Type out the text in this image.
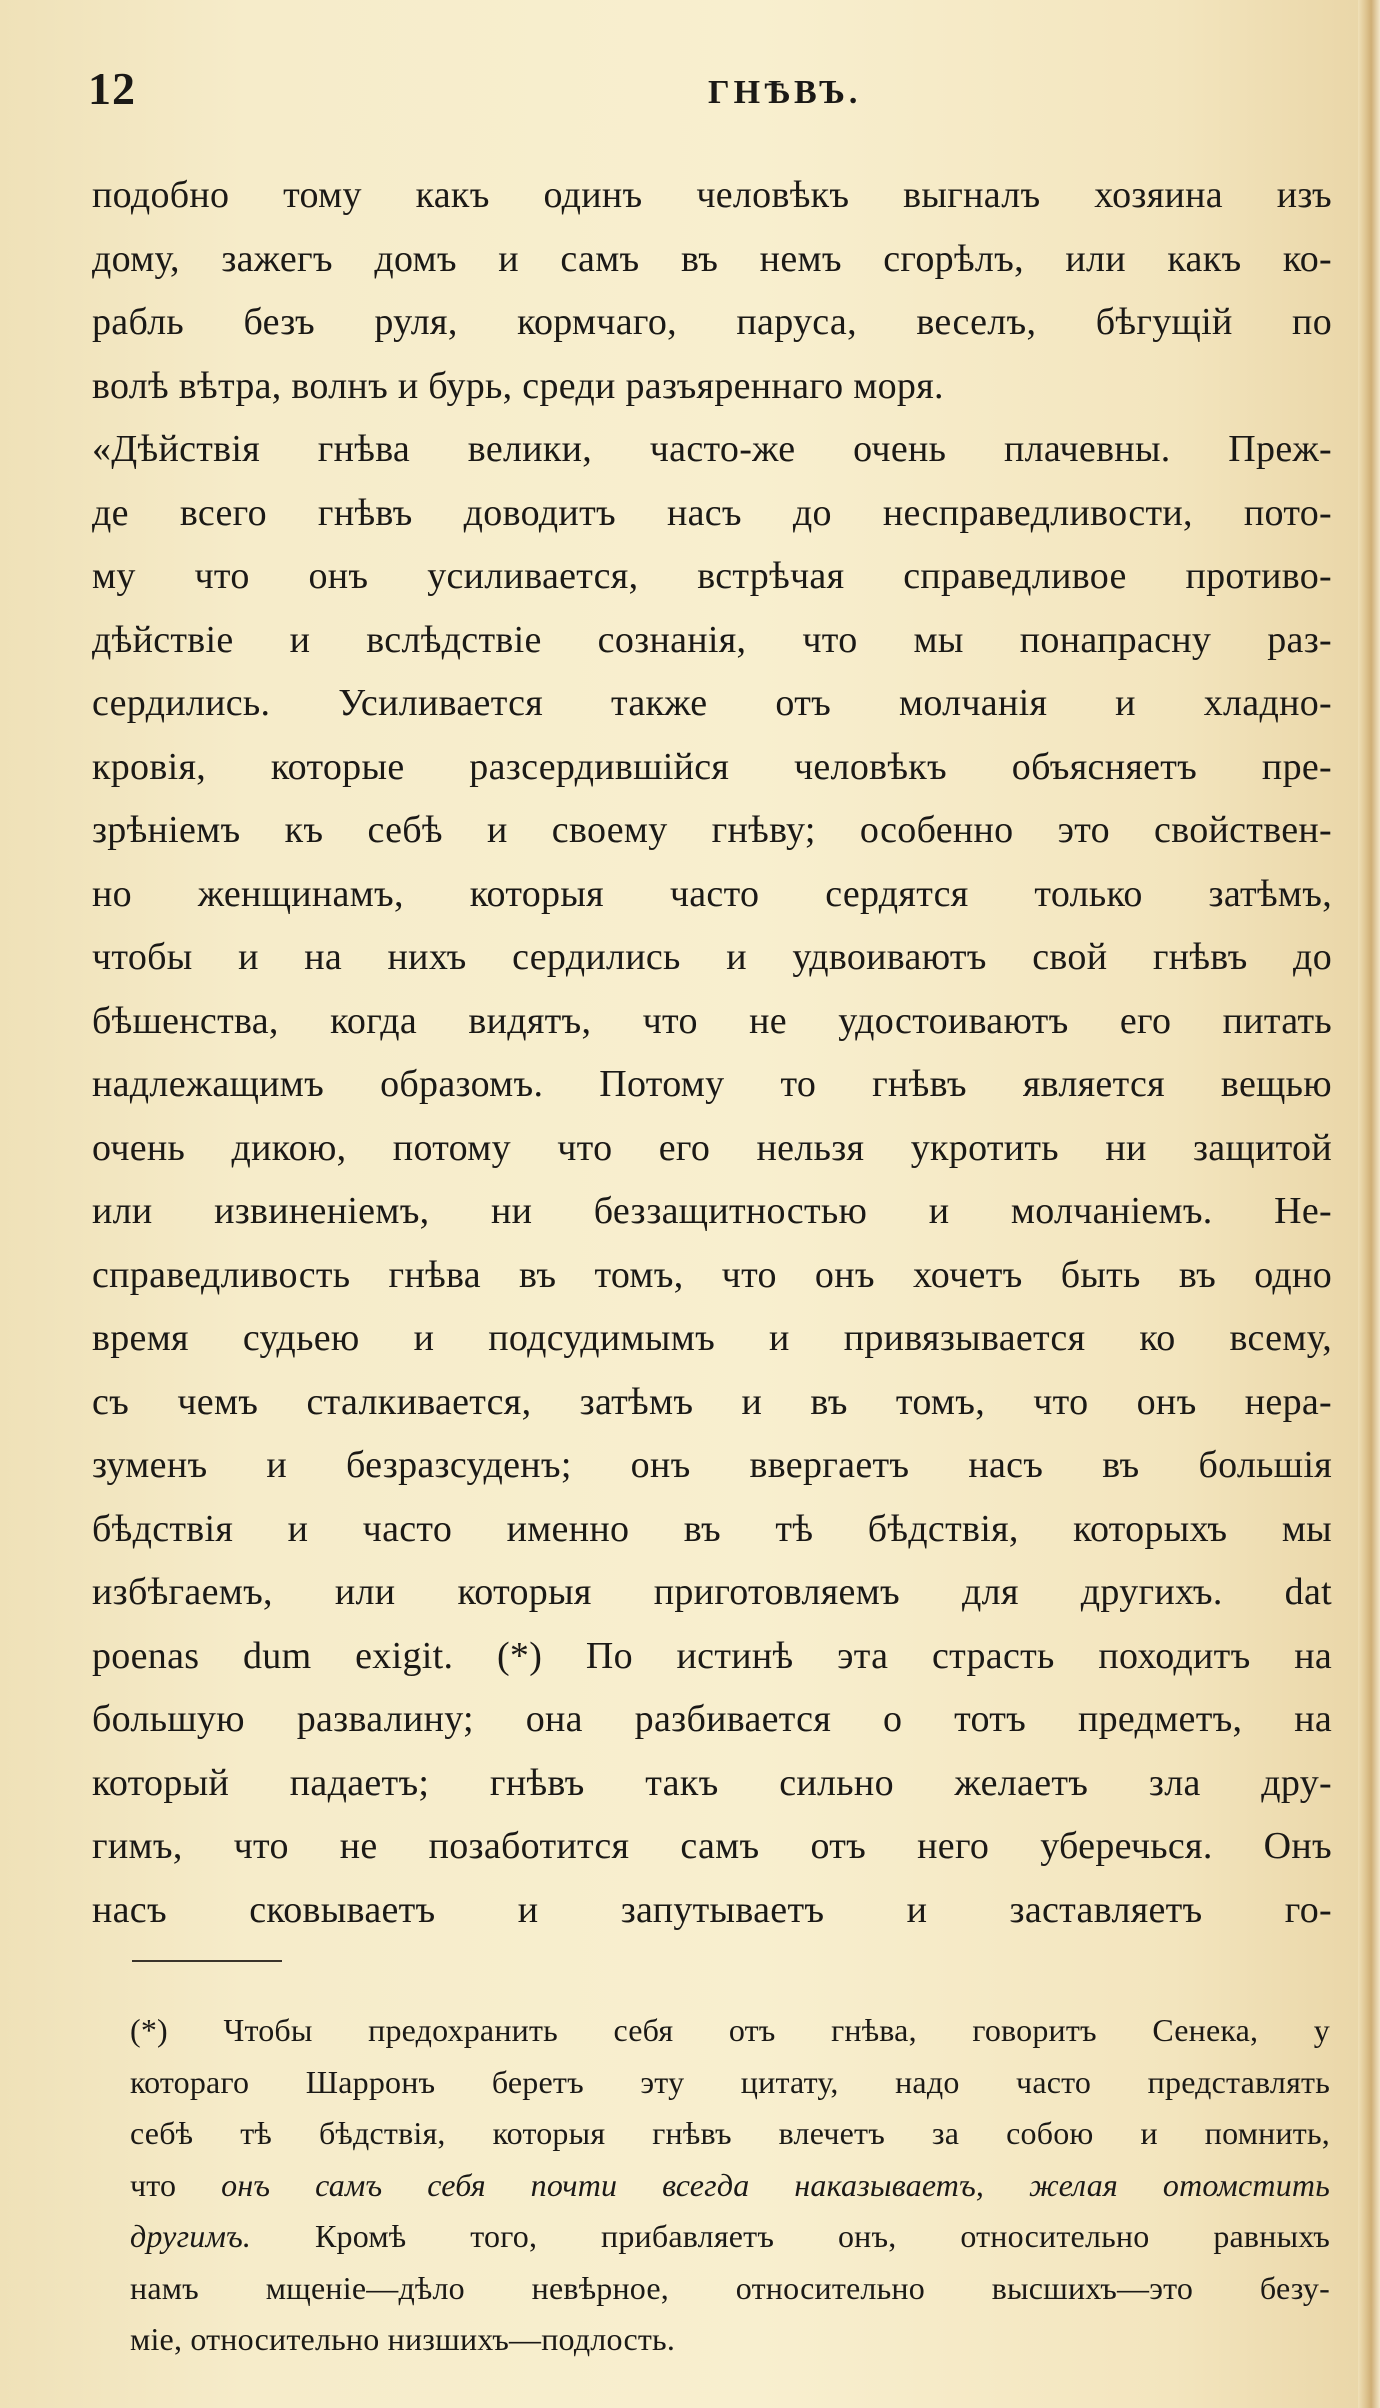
12	ГНѢВЪ.
подобно тому какъ одинъ человѣкъ выгналъ хозяина изъ
дому, зажегъ домъ и самъ въ немъ сгорѣлъ, или какъ ко-
рабль безъ руля, кормчаго, паруса, веселъ, бѣгущій по
волѣ вѣтра, волнъ и бурь, среди разъяреннаго моря.
«Дѣйствія гнѣва велики, часто-же очень плачевны. Преж-
де всего гнѣвъ доводитъ насъ до несправедливости, пото-
му что онъ усиливается, встрѣчая справедливое противо-
дѣйствіе и вслѣдствіе сознанія, что мы понапрасну раз-
сердились. Усиливается также отъ молчанія и хладно-
кровія, которые разсердившійся человѣкъ объясняетъ пре-
зрѣніемъ къ себѣ и своему гнѣву; особенно это свойствен-
но женщинамъ, которыя часто сердятся только затѣмъ,
чтобы и на нихъ сердились и удвоиваютъ свой гнѣвъ до
бѣшенства, когда видятъ, что не удостоиваютъ его питать
надлежащимъ образомъ. Потому то гнѣвъ является вещью
очень дикою, потому что его нельзя укротить ни защитой
или извиненіемъ, ни беззащитностью и молчаніемъ. Не-
справедливость гнѣва въ томъ, что онъ хочетъ быть въ одно
время судьею и подсудимымъ и привязывается ко всему,
съ чемъ сталкивается, затѣмъ и въ томъ, что онъ нера-
зуменъ и безразсуденъ; онъ ввергаетъ насъ въ большія
бѣдствія и часто именно въ тѣ бѣдствія, которыхъ мы
избѣгаемъ, или которыя приготовляемъ для другихъ. dat
poenas dum exigit. (*) По истинѣ эта страсть походитъ на
большую развалину; она разбивается о тотъ предметъ, на
который падаетъ; гнѣвъ такъ сильно желаетъ зла дру-
гимъ, что не позаботится самъ отъ него уберечься. Онъ
насъ сковываетъ и запутываетъ и заставляетъ го-
(*) Чтобы предохранить себя отъ гнѣва, говоритъ Сенека, у
котораго Шарронъ беретъ эту цитату, надо часто представлять
себѣ тѣ бѣдствія, которыя гнѣвъ влечетъ за собою и помнить,
что онъ самъ себя почти всегда наказываетъ, желая отомстить
другимъ. Кромѣ того, прибавляетъ онъ, относительно равныхъ
намъ мщеніе—дѣло невѣрное, относительно высшихъ—это безу-
міе, относительно низшихъ—подлость.
